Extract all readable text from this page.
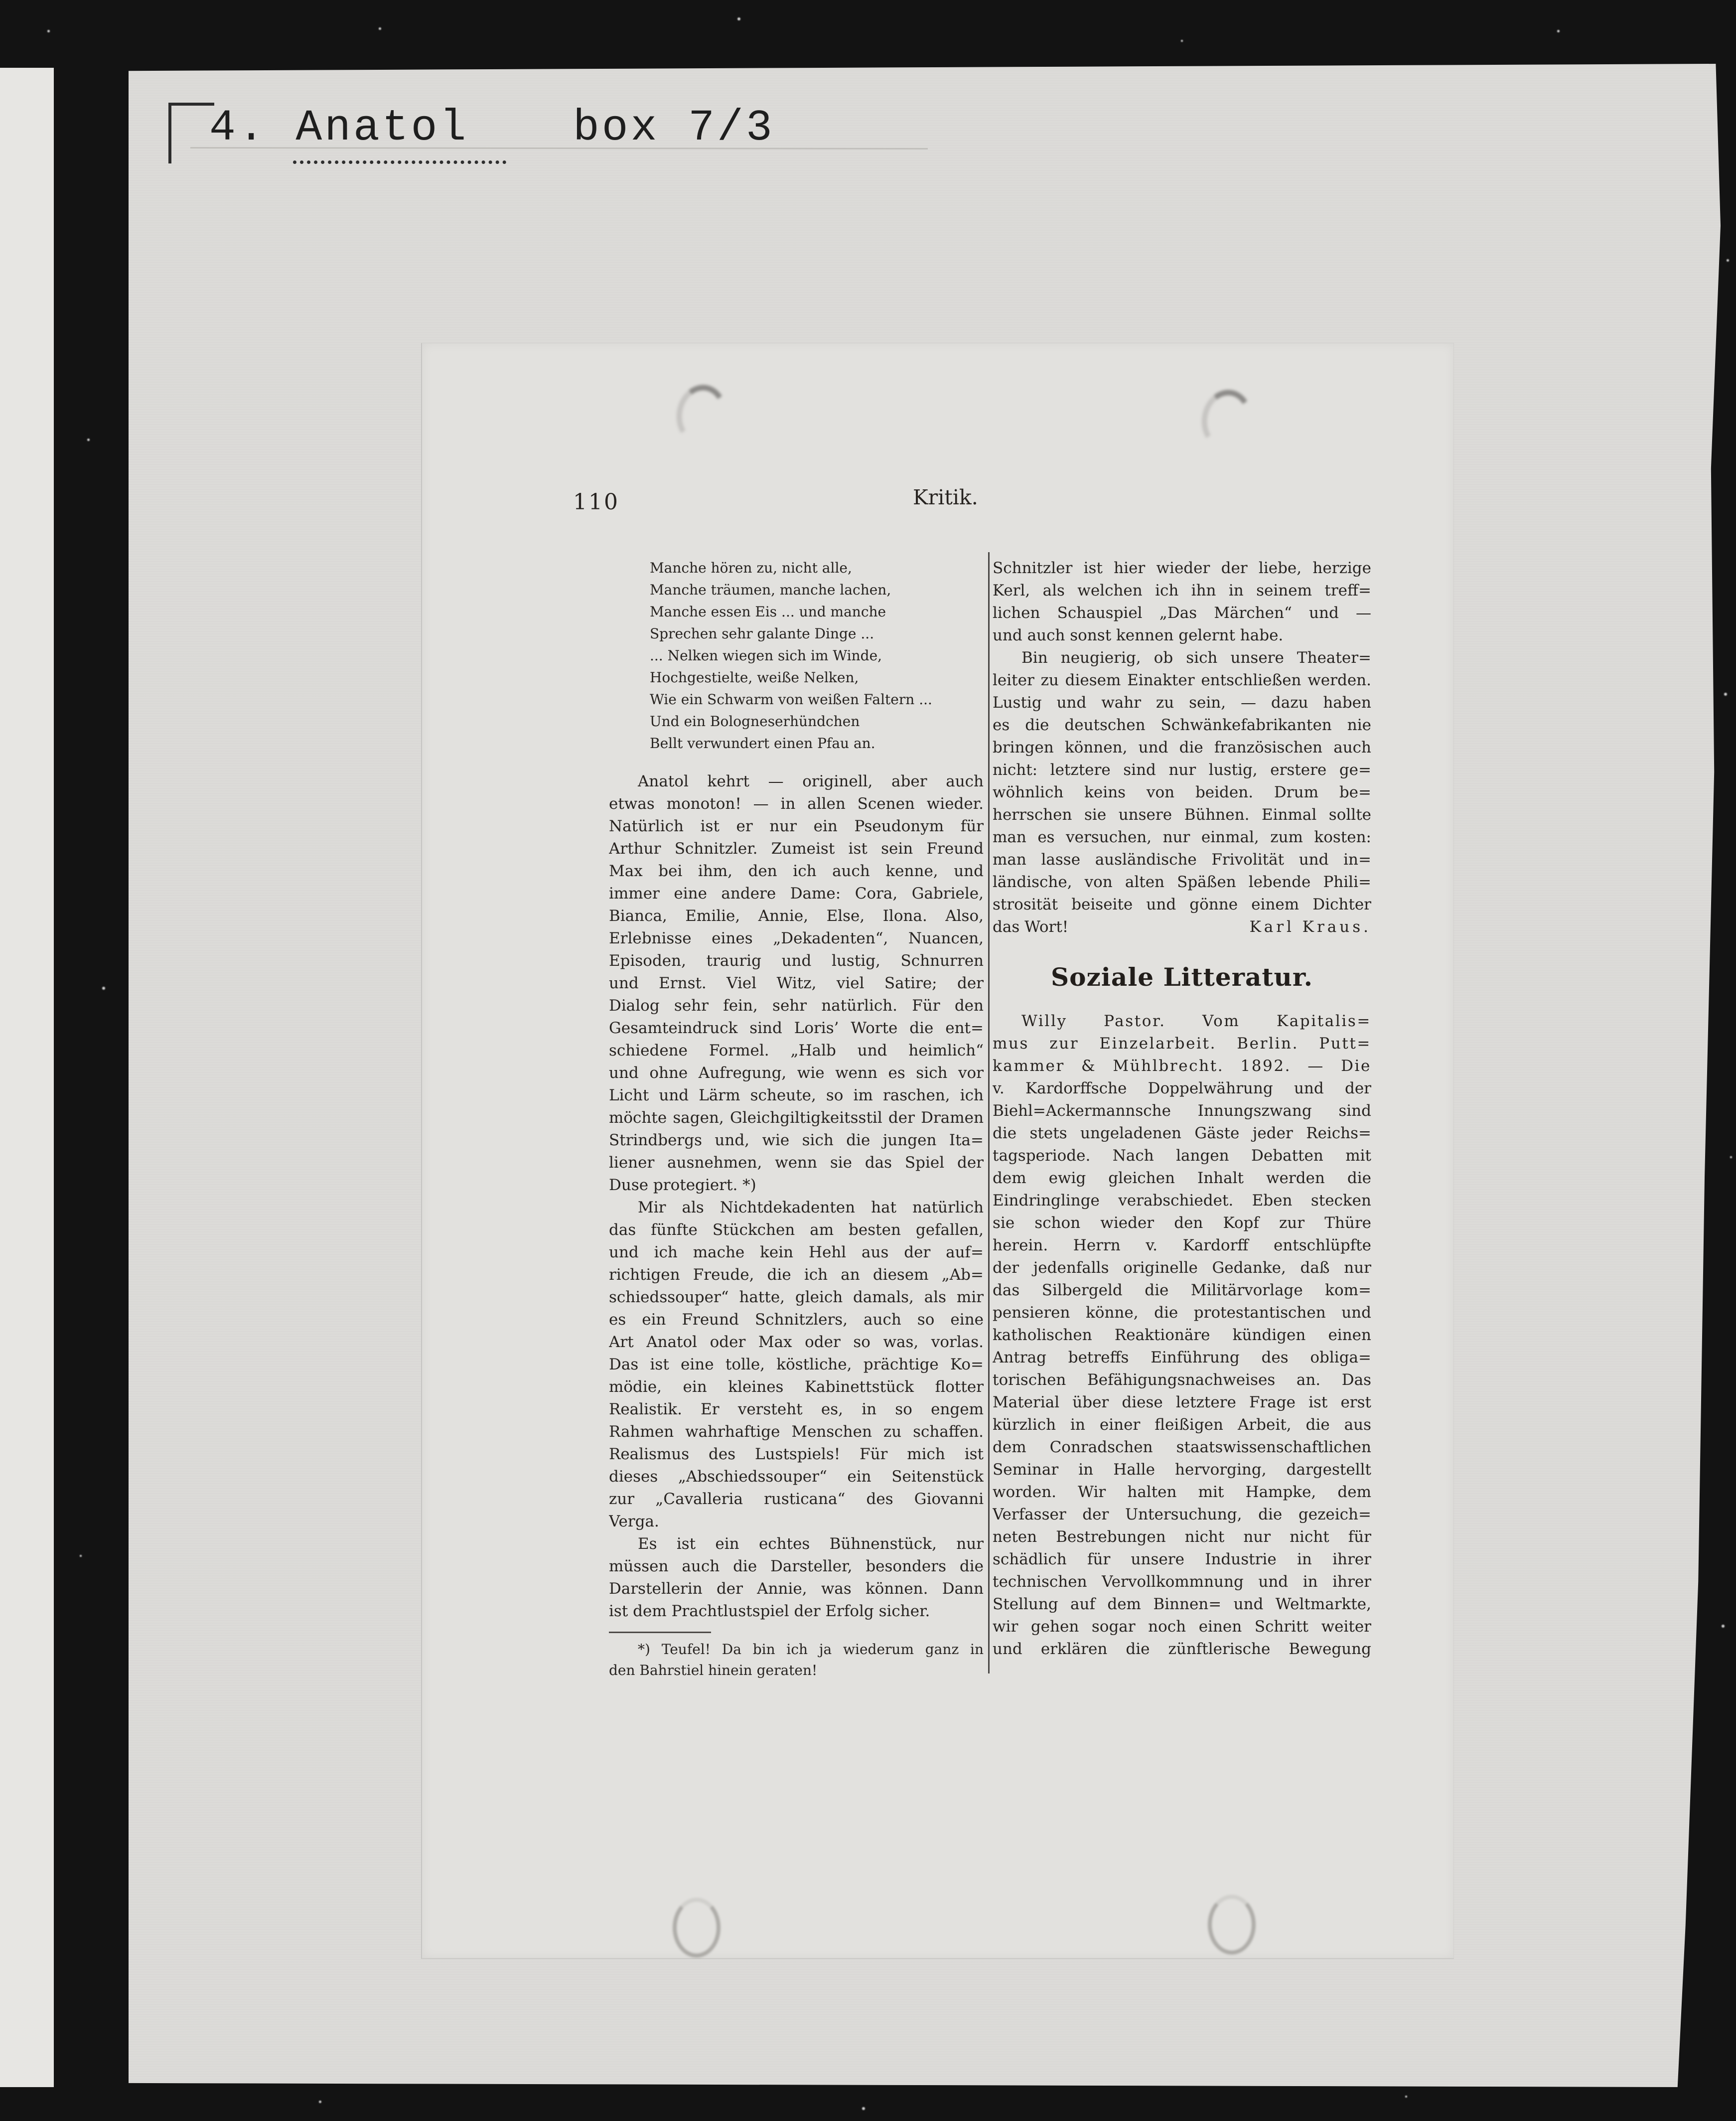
4. Anatol box 7/3
110	Kritik.
Manche hören zu, nicht alle,
Manche träumen, manche lachen,
Manche essen Eis ... und manche
Sprechen sehr galante Dinge ...
... Nelken wiegen sich im Winde,
Hochgestielte, weiße Nelken,
Wie ein Schwarm von weißen Faltern ...
Und ein Bologneserhündchen
Bellt verwundert einen Pfau an.
Anatol kehrt — originell, aber auch
etwas monoton! — in allen Scenen wieder.
Natürlich ist er nur ein Pseudonym für
Arthur Schnitzler. Zumeist ist sein Freund
Max bei ihm, den ich auch kenne, und
immer eine andere Dame: Cora, Gabriele,
Bianca, Emilie, Annie, Else, Ilona. Also,
Erlebnisse eines „Dekadenten“, Nuancen,
Episoden, traurig und lustig, Schnurren
und Ernst. Viel Witz, viel Satire; der
Dialog sehr fein, sehr natürlich. Für den
Gesamteindruck sind Loris’ Worte die ent=
schiedene Formel. „Halb und heimlich“
und ohne Aufregung, wie wenn es sich vor
Licht und Lärm scheute, so im raschen, ich
möchte sagen, Gleichgiltigkeitsstil der Dramen
Strindbergs und, wie sich die jungen Ita=
liener ausnehmen, wenn sie das Spiel der
Duse protegiert. *)
Mir als Nichtdekadenten hat natürlich
das fünfte Stückchen am besten gefallen,
und ich mache kein Hehl aus der auf=
richtigen Freude, die ich an diesem „Ab=
schiedssouper“ hatte, gleich damals, als mir
es ein Freund Schnitzlers, auch so eine
Art Anatol oder Max oder so was, vorlas.
Das ist eine tolle, köstliche, prächtige Ko=
mödie, ein kleines Kabinettstück flotter
Realistik. Er versteht es, in so engem
Rahmen wahrhaftige Menschen zu schaffen.
Realismus des Lustspiels! Für mich ist
dieses „Abschiedssouper“ ein Seitenstück
zur „Cavalleria rusticana“ des Giovanni
Verga.
Es ist ein echtes Bühnenstück, nur
müssen auch die Darsteller, besonders die
Darstellerin der Annie, was können. Dann
ist dem Prachtlustspiel der Erfolg sicher.
*) Teufel! Da bin ich ja wiederum ganz in
den Bahrstiel hinein geraten!
Schnitzler ist hier wieder der liebe, herzige
Kerl, als welchen ich ihn in seinem treff=
lichen Schauspiel „Das Märchen“ und —
und auch sonst kennen gelernt habe.
Bin neugierig, ob sich unsere Theater=
leiter zu diesem Einakter entschließen werden.
Lustig und wahr zu sein, — dazu haben
es die deutschen Schwänkefabrikanten nie
bringen können, und die französischen auch
nicht: letztere sind nur lustig, erstere ge=
wöhnlich keins von beiden. Drum be=
herrschen sie unsere Bühnen. Einmal sollte
man es versuchen, nur einmal, zum kosten:
man lasse ausländische Frivolität und in=
ländische, von alten Späßen lebende Phili=
strosität beiseite und gönne einem Dichter
das Wort!	Karl Kraus.
Soziale Litteratur.
Willy Pastor. Vom Kapitalis=
mus zur Einzelarbeit. Berlin. Putt=
kammer & Mühlbrecht. 1892. — Die
v. Kardorffsche Doppelwährung und der
Biehl=Ackermannsche Innungszwang sind
die stets ungeladenen Gäste jeder Reichs=
tagsperiode. Nach langen Debatten mit
dem ewig gleichen Inhalt werden die
Eindringlinge verabschiedet. Eben stecken
sie schon wieder den Kopf zur Thüre
herein. Herrn v. Kardorff entschlüpfte
der jedenfalls originelle Gedanke, daß nur
das Silbergeld die Militärvorlage kom=
pensieren könne, die protestantischen und
katholischen Reaktionäre kündigen einen
Antrag betreffs Einführung des obliga=
torischen Befähigungsnachweises an. Das
Material über diese letztere Frage ist erst
kürzlich in einer fleißigen Arbeit, die aus
dem Conradschen staatswissenschaftlichen
Seminar in Halle hervorging, dargestellt
worden. Wir halten mit Hampke, dem
Verfasser der Untersuchung, die gezeich=
neten Bestrebungen nicht nur nicht für
schädlich für unsere Industrie in ihrer
technischen Vervollkommnung und in ihrer
Stellung auf dem Binnen= und Weltmarkte,
wir gehen sogar noch einen Schritt weiter
und erklären die zünftlerische Bewegung
